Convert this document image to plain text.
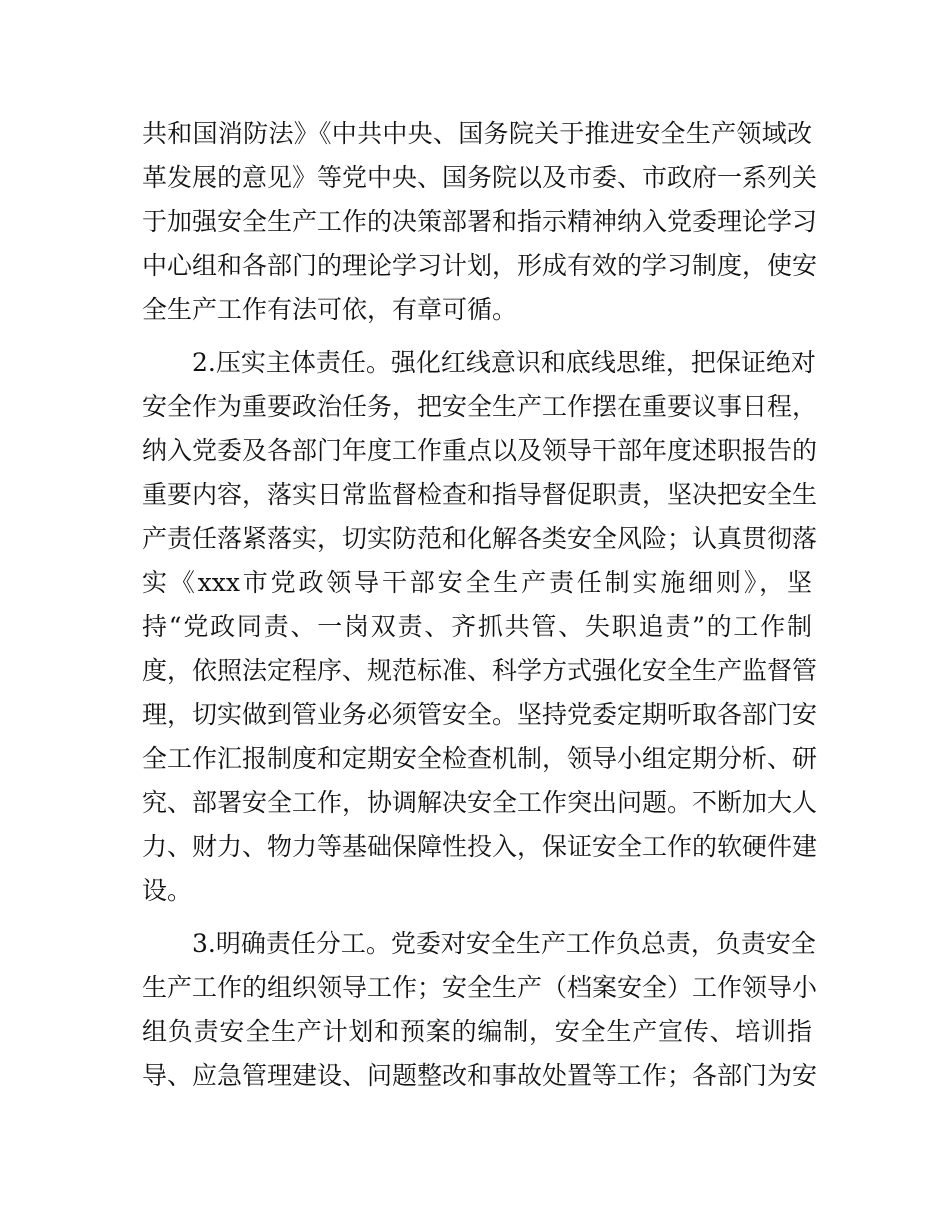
共和国消防法》《中共中央、国务院关于推进安全生产领域改
革发展的意见》等党中央、国务院以及市委、市政府一系列关
于加强安全生产工作的决策部署和指示精神纳入党委理论学习
中心组和各部门的理论学习计划，形成有效的学习制度，使安
全生产工作有法可依，有章可循。
2.压实主体责任。强化红线意识和底线思维，把保证绝对
安全作为重要政治任务，把安全生产工作摆在重要议事日程，
纳入党委及各部门年度工作重点以及领导干部年度述职报告的
重要内容，落实日常监督检查和指导督促职责，坚决把安全生
产责任落紧落实，切实防范和化解各类安全风险；认真贯彻落
实《xxx市党政领导干部安全生产责任制实施细则》，坚
持“党政同责、一岗双责、齐抓共管、失职追责”的工作制
度，依照法定程序、规范标准、科学方式强化安全生产监督管
理，切实做到管业务必须管安全。坚持党委定期听取各部门安
全工作汇报制度和定期安全检查机制，领导小组定期分析、研
究、部署安全工作，协调解决安全工作突出问题。不断加大人
力、财力、物力等基础保障性投入，保证安全工作的软硬件建
设。
3.明确责任分工。党委对安全生产工作负总责，负责安全
生产工作的组织领导工作；安全生产（档案安全）工作领导小
组负责安全生产计划和预案的编制，安全生产宣传、培训指
导、应急管理建设、问题整改和事故处置等工作；各部门为安
